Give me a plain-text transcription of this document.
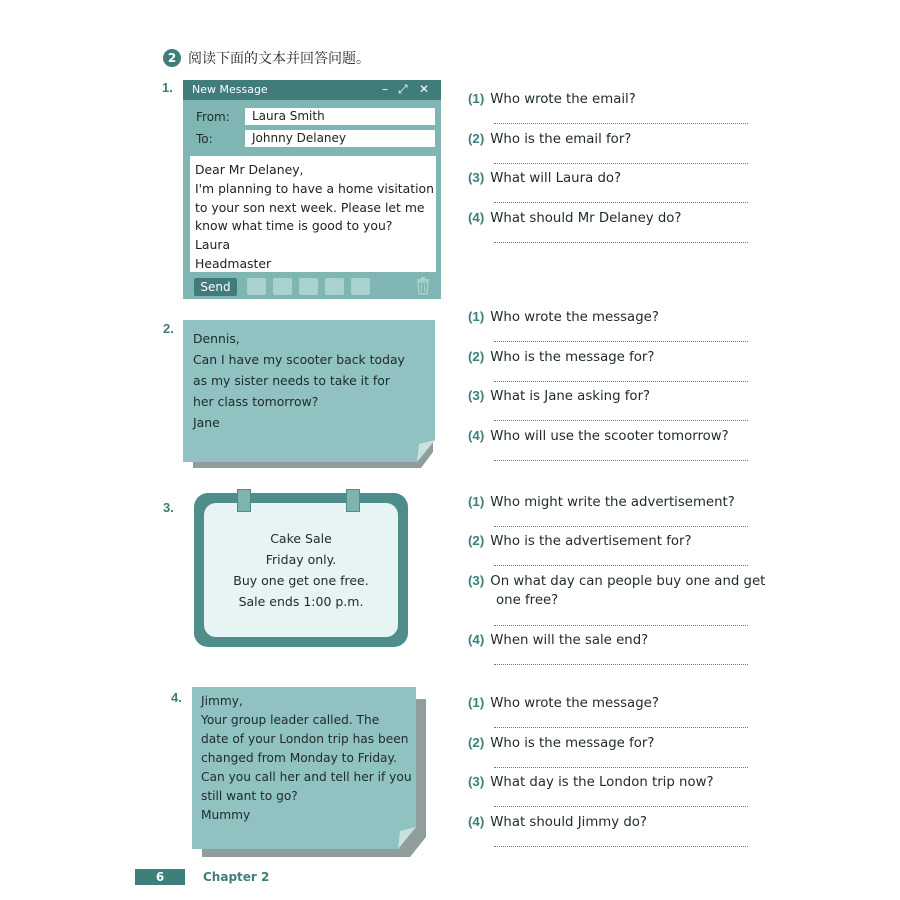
2 阅读下面的文本并回答问题。
1. New Message	– ⤢ ✕
From:	Laura Smith
To:	Johnny Delaney
Dear Mr Delaney,
I'm planning to have a home visitation
to your son next week. Please let me
know what time is good to you?
Laura
Headmaster
Send
(1) Who wrote the email?
(2) Who is the email for?
(3) What will Laura do?
(4) What should Mr Delaney do?
2.
Dennis,
Can I have my scooter back today
as my sister needs to take it for
her class tomorrow?
Jane
(1) Who wrote the message?
(2) Who is the message for?
(3) What is Jane asking for?
(4) Who will use the scooter tomorrow?
3.
Cake Sale
Friday only.
Buy one get one free.
Sale ends 1:00 p.m.
(1) Who might write the advertisement?
(2) Who is the advertisement for?
(3) On what day can people buy one and get
one free?
(4) When will the sale end?
4. Jimmy,
Your group leader called. The
date of your London trip has been
changed from Monday to Friday.
Can you call her and tell her if you
still want to go?
Mummy
(1) Who wrote the message?
(2) Who is the message for?
(3) What day is the London trip now?
(4) What should Jimmy do?
6	Chapter 2
